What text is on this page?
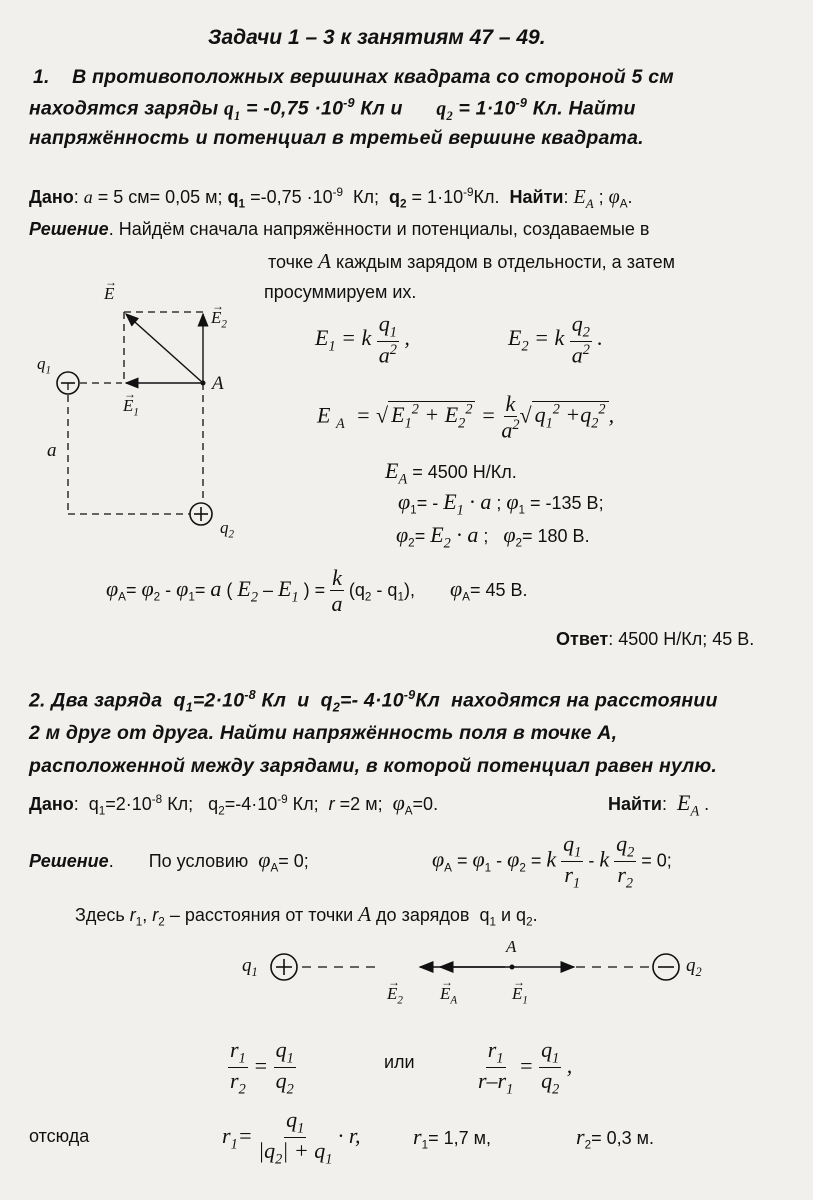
Задачи 1 – 3 к занятиям 47 – 49.
1.    В противоположных вершинах квадрата со стороной 5 см
находятся заряды $q_1 = -0,75 \cdot 10^{-9}$ Кл и      $q_2 = 1\cdot 10^{-9}$ Кл. Найти
напряжённость и потенциал в третьей вершине квадрата.
Дано: a = 5 см= 0,05 м; $q_1 =-0,75 \cdot 10^{-9}$  Кл;  $q_2 = 1\cdot 10^{-9}Кл$.  Найти: $E_A$ ; $\varphi_A$.
Решение. Найдём сначала напряжённости и потенциалы, создаваемые в
точке A каждым зарядом в отдельности, а затем
просуммируем их.
E
→
$E_2$
→
$E_1$
→
$q_1$
A
a
$q_2$
$E_1 = k \frac{q_1}{a^2}$ ,	$E_2 = k \frac{q_2}{a^2}$ .
E $_A$  = √ $E_1^2 + E_2^2 = \frac{k}{a^2}$ √ $q_1^2 +q_2^2$ ,
$E_A = 4500$ Н/Кл.
$\varphi_1= - E_1 \cdot a$ ; $\varphi_1 = -135$ В;
$\varphi_2= E_2 \cdot a$ ;   $\varphi_2= 180$ В.
$\varphi_A= \varphi_2 - \varphi_1= a$ ( $E_2 - E_1$ ) = $\frac{k}{a} (q_2 - q_1)$,       $\varphi_A= 45$ В.
Ответ: 4500 Н/Кл; 45 В.
2. Два заряда  $q_1=2\cdot 10^{-8}$ Кл  и  $q_2=-$ $4\cdot 10^{-9}Кл$  находятся на расстоянии
2 м друг от друга. Найти напряжённость поля в точке А,
расположенной между зарядами, в которой потенциал равен нулю.
Дано:  $q_1=2\cdot 10^{-8}$ Кл;   $q_2=-4\cdot 10^{-9}$ Кл;  r =2 м;  $\varphi_A=0$.	Найти:  $E_A$ .
Решение.       По условию  $\varphi_A= 0$;	$\varphi_A = \varphi_1 - \varphi_2 = k \frac{q_1}{r_1} - k \frac{q_2}{r_2} = 0$;
Здесь $r_1$, $r_2$ – расстояния от точки A до зарядов  $q_1$ и $q_2$.
$q_1$	$q_2$
A
$E_2$
→
$E_A$
→
$E_1$
→
$\frac{r_1}{r_2} = \frac{q_1}{q_2}$	или	$\frac{r_1}{r-r_1} = \frac{q_1}{q_2}$ ,
отсюда	$r_1= \frac{q_1}{|q_2| + q_1} \cdot r$, $r_1= 1,7$ м,	$r_2= 0,3$ м.
